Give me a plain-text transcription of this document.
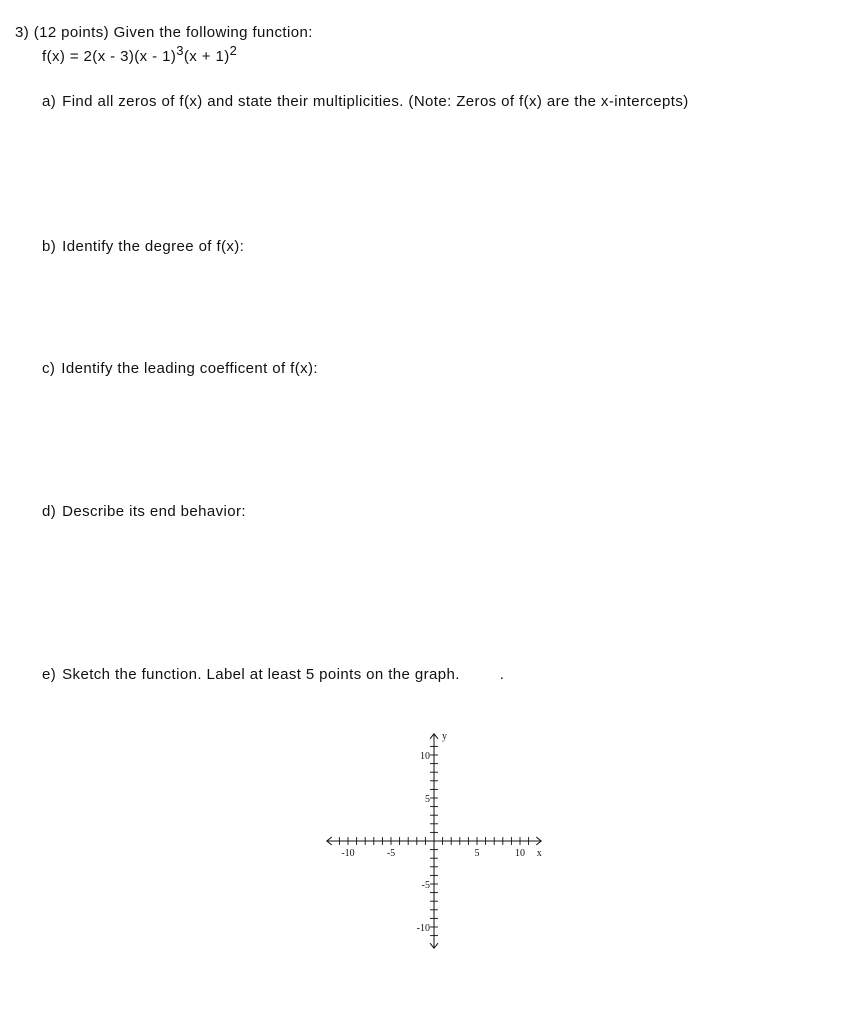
3) (12 points) Given the following function:
$f(x) = 2(x - 3)(x - 1)^3(x + 1)^2$
a) Find all zeros of f(x) and state their multiplicities. (Note: Zeros of f(x) are the x-intercepts)
b) Identify the degree of f(x):
c) Identify the leading coefficent of f(x):
d) Describe its end behavior:
e) Sketch the function. Label at least 5 points on the graph.	.
-10	-5	5	10
10
5
-5
-10
x
y
